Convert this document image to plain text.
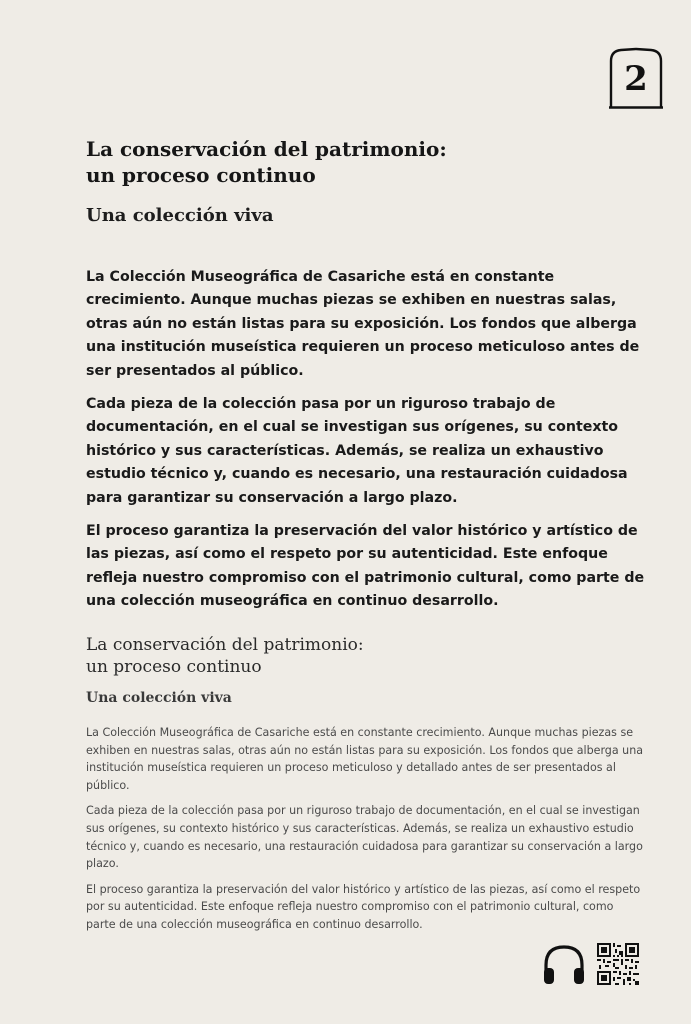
2
La conservación del patrimonio:
un proceso continuo
Una colección viva

La Colección Museográfica de Casariche está en constante crecimiento. Aunque muchas piezas se exhiben en nuestras salas, otras aún no están listas para su exposición. Los fondos que alberga una institución museística requieren un proceso meticuloso antes de ser presentados al público.

Cada pieza de la colección pasa por un riguroso trabajo de documentación, en el cual se investigan sus orígenes, su contexto histórico y sus características. Además, se realiza un exhaustivo estudio técnico y, cuando es necesario, una restauración cuidadosa para garantizar su conservación a largo plazo.

El proceso garantiza la preservación del valor histórico y artístico de las piezas, así como el respeto por su autenticidad. Este enfoque refleja nuestro compromiso con el patrimonio cultural, como parte de una colección museográfica en continuo desarrollo.

La conservación del patrimonio:
un proceso continuo
Una colección viva

La Colección Museográfica de Casariche está en constante crecimiento. Aunque muchas piezas se exhiben en nuestras salas, otras aún no están listas para su exposición. Los fondos que alberga una institución museística requieren un proceso meticuloso y detallado antes de ser presentados al público.

Cada pieza de la colección pasa por un riguroso trabajo de documentación, en el cual se investigan sus orígenes, su contexto histórico y sus características. Además, se realiza un exhaustivo estudio técnico y, cuando es necesario, una restauración cuidadosa para garantizar su conservación a largo plazo.

El proceso garantiza la preservación del valor histórico y artístico de las piezas, así como el respeto por su autenticidad. Este enfoque refleja nuestro compromiso con el patrimonio cultural, como parte de una colección museográfica en continuo desarrollo.
